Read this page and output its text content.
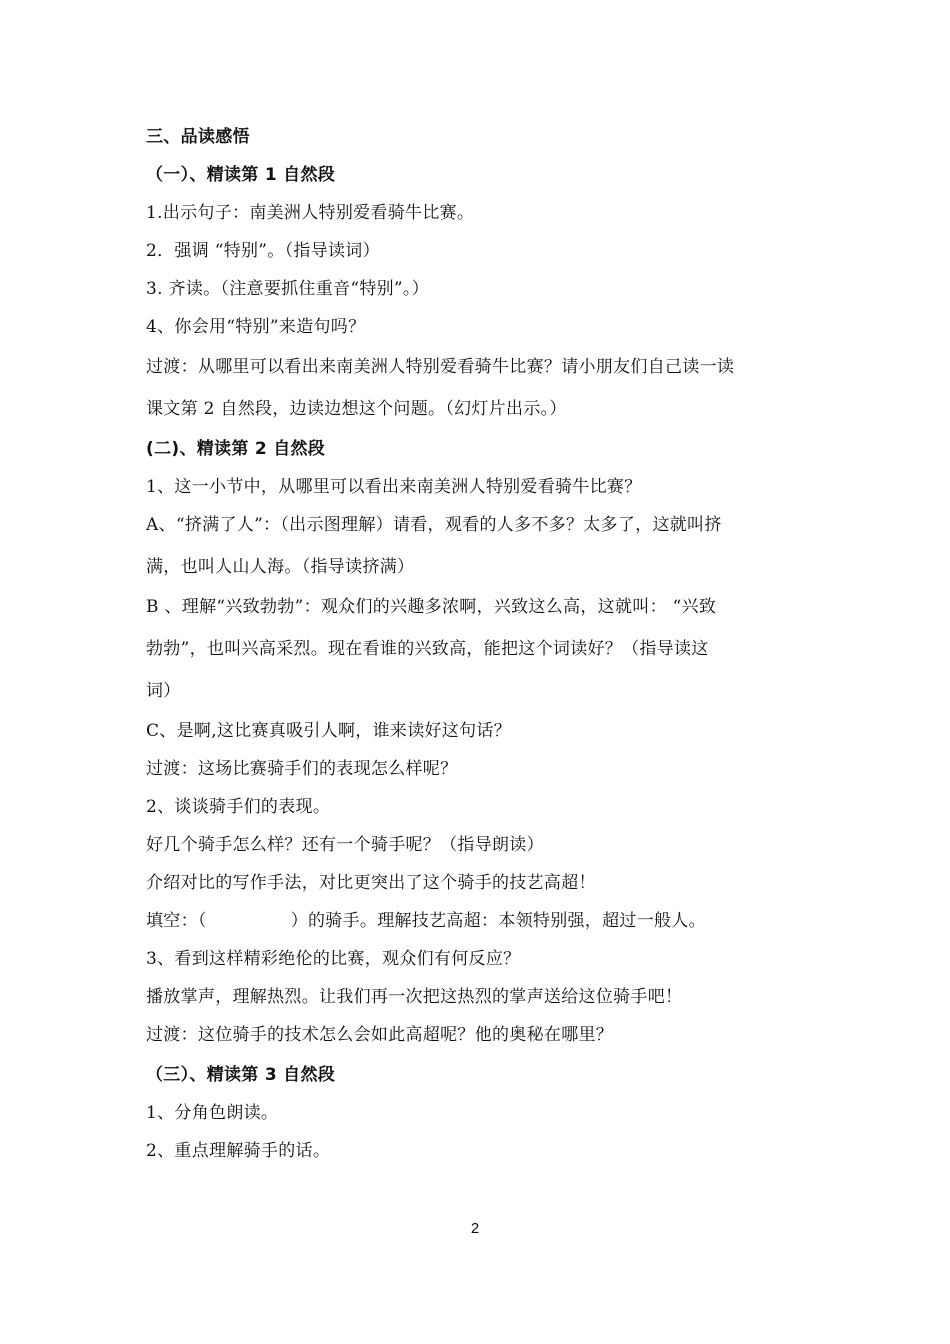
三、品读感悟
（一）、精读第 1 自然段
1.出示句子：南美洲人特别爱看骑牛比赛。
2．强调 “特别”。（指导读词）
3. 齐读。（注意要抓住重音“特别”。）
4、你会用“特别”来造句吗？
过渡：从哪里可以看出来南美洲人特别爱看骑牛比赛？请小朋友们自己读一读
课文第 2 自然段，边读边想这个问题。（幻灯片出示。）
(二)、精读第 2 自然段
1、这一小节中，从哪里可以看出来南美洲人特别爱看骑牛比赛？
A、“挤满了人”：（出示图理解）请看，观看的人多不多？太多了，这就叫挤
满，也叫人山人海。（指导读挤满）
B 、理解“兴致勃勃”：观众们的兴趣多浓啊，兴致这么高，这就叫： “兴致
勃勃”，也叫兴高采烈。现在看谁的兴致高，能把这个词读好？（指导读这
词）
C、是啊,这比赛真吸引人啊，谁来读好这句话？
过渡：这场比赛骑手们的表现怎么样呢？
2、谈谈骑手们的表现。
好几个骑手怎么样？还有一个骑手呢？（指导朗读）
介绍对比的写作手法，对比更突出了这个骑手的技艺高超！
填空：（	）的骑手。理解技艺高超：本领特别强，超过一般人。
3、看到这样精彩绝伦的比赛，观众们有何反应？
播放掌声，理解热烈。让我们再一次把这热烈的掌声送给这位骑手吧！
过渡：这位骑手的技术怎么会如此高超呢？他的奥秘在哪里？
（三）、精读第 3 自然段
1、分角色朗读。
2、重点理解骑手的话。
2
